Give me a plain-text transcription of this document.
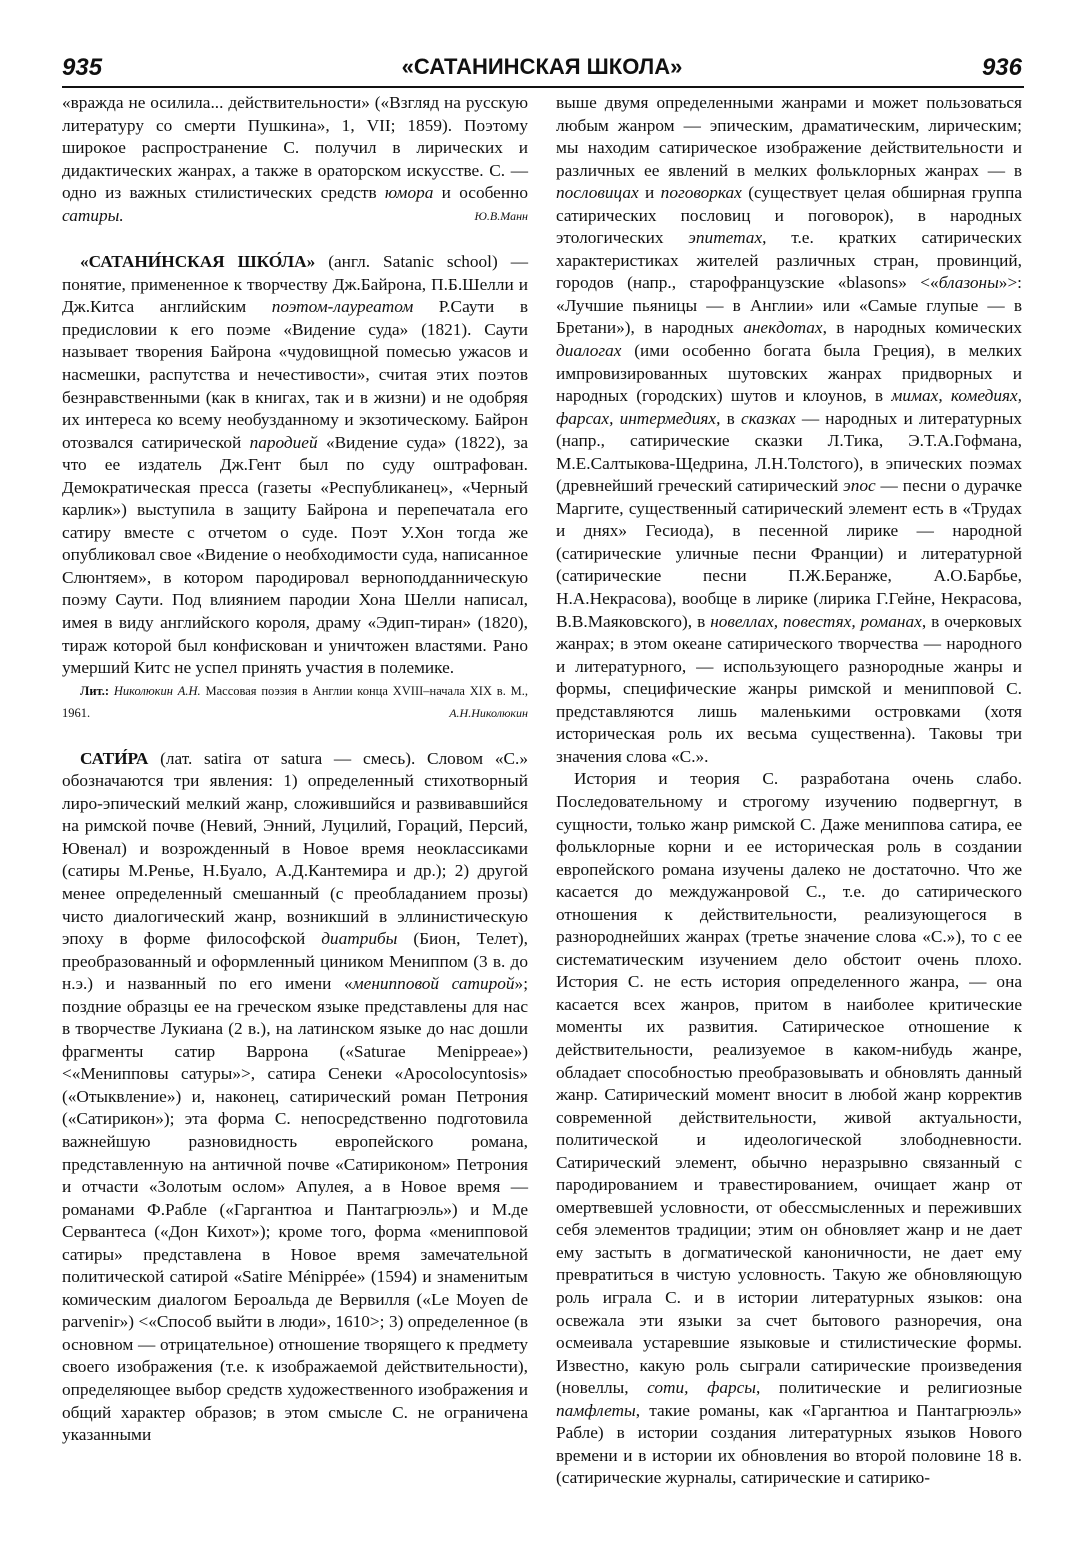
935	«САТАНИНСКАЯ ШКОЛА»	936

«вражда не осилила... действительности» («Взгляд на русскую литературу со смерти Пушкина», 1, VII; 1859). Поэтому широкое распространение С. получил в лирических и дидактических жанрах, а также в ораторском искусстве. С. — одно из важных стилистических средств юмора и особенно сатиры.	Ю.В.Манн

«САТАНИ́НСКАЯ ШКО́ЛА» (англ. Satanic school) — понятие, примененное к творчеству Дж.Байрона, П.Б.Шелли и Дж.Китса английским поэтом-лауреатом Р.Саути в предисловии к его поэме «Видение суда» (1821). Саути называет творения Байрона «чудовищной помесью ужасов и насмешки, распутства и нечестивости», считая этих поэтов безнравственными (как в книгах, так и в жизни) и не одобряя их интереса ко всему необузданному и экзотическому. Байрон отозвался сатирической пародией «Видение суда» (1822), за что ее издатель Дж.Гент был по суду оштрафован. Демократическая пресса (газеты «Республиканец», «Черный карлик») выступила в защиту Байрона и перепечатала его сатиру вместе с отчетом о суде. Поэт У.Хон тогда же опубликовал свое «Видение о необходимости суда, написанное Слюнтяем», в котором пародировал верноподданническую поэму Саути. Под влиянием пародии Хона Шелли написал, имея в виду английского короля, драму «Эдип-тиран» (1820), тираж которой был конфискован и уничтожен властями. Рано умерший Китс не успел принять участия в полемике.

Лит.: Николюкин А.Н. Массовая поэзия в Англии конца XVIII–начала XIX в. М., 1961.	А.Н.Николюкин

САТИ́РА (лат. satira от satura — смесь). Словом «С.» обозначаются три явления: 1) определенный стихотворный лиро-эпический мелкий жанр, сложившийся и развивавшийся на римской почве (Невий, Энний, Луцилий, Гораций, Персий, Ювенал) и возрожденный в Новое время неоклассиками (сатиры М.Ренье, Н.Буало, А.Д.Кантемира и др.); 2) другой менее определенный смешанный (с преобладанием прозы) чисто диалогический жанр, возникший в эллинистическую эпоху в форме философской диатрибы (Бион, Телет), преобразованный и оформленный циником Мениппом (3 в. до н.э.) и названный по его имени «менипповой сатирой»; поздние образцы ее на греческом языке представлены для нас в творчестве Лукиана (2 в.), на латинском языке до нас дошли фрагменты сатир Варрона («Saturae Menippeae») <«Менипповы сатуры»>, сатира Сенеки «Apocolocyntosis» («Отыквление») и, наконец, сатирический роман Петрония («Сатирикон»); эта форма С. непосредственно подготовила важнейшую разновидность европейского романа, представленную на античной почве «Сатириконом» Петрония и отчасти «Золотым ослом» Апулея, а в Новое время — романами Ф.Рабле («Гаргантюа и Пантагрюэль») и М.де Сервантеса («Дон Кихот»); кроме того, форма «менипповой сатиры» представлена в Новое время замечательной политической сатирой «Satire Ménippée» (1594) и знаменитым комическим диалогом Бероальда де Вервилля («Le Moyen de parvenir») <«Способ выйти в люди», 1610>; 3) определенное (в основном — отрицательное) отношение творящего к предмету своего изображения (т.е. к изображаемой действительности), определяющее выбор средств художественного изображения и общий характер образов; в этом смысле С. не ограничена указанными

выше двумя определенными жанрами и может пользоваться любым жанром — эпическим, драматическим, лирическим; мы находим сатирическое изображение действительности и различных ее явлений в мелких фольклорных жанрах — в пословицах и поговорках (существует целая обширная группа сатирических пословиц и поговорок), в народных этологических эпитетах, т.е. кратких сатирических характеристиках жителей различных стран, провинций, городов (напр., старофранцузские «blasons» <«блазоны»>: «Лучшие пьяницы — в Англии» или «Самые глупые — в Бретани»), в народных анекдотах, в народных комических диалогах (ими особенно богата была Греция), в мелких импровизированных шутовских жанрах придворных и народных (городских) шутов и клоунов, в мимах, комедиях, фарсах, интермедиях, в сказках — народных и литературных (напр., сатирические сказки Л.Тика, Э.Т.А.Гофмана, М.Е.Салтыкова-Щедрина, Л.Н.Толстого), в эпических поэмах (древнейший греческий сатирический эпос — песни о дурачке Маргите, существенный сатирический элемент есть в «Трудах и днях» Гесиода), в песенной лирике — народной (сатирические уличные песни Франции) и литературной (сатирические песни П.Ж.Беранже, А.О.Барбье, Н.А.Некрасова), вообще в лирике (лирика Г.Гейне, Некрасова, В.В.Маяковского), в новеллах, повестях, романах, в очерковых жанрах; в этом океане сатирического творчества — народного и литературного, — использующего разнородные жанры и формы, специфические жанры римской и менипповой С. представляются лишь маленькими островками (хотя историческая роль их весьма существенна). Таковы три значения слова «С.».

История и теория С. разработана очень слабо. Последовательному и строгому изучению подвергнут, в сущности, только жанр римской С. Даже мениппова сатира, ее фольклорные корни и ее историческая роль в создании европейского романа изучены далеко не достаточно. Что же касается до междужанровой С., т.е. до сатирического отношения к действительности, реализующегося в разнороднейших жанрах (третье значение слова «С.»), то с ее систематическим изучением дело обстоит очень плохо. История С. не есть история определенного жанра, — она касается всех жанров, притом в наиболее критические моменты их развития. Сатирическое отношение к действительности, реализуемое в каком-нибудь жанре, обладает способностью преобразовывать и обновлять данный жанр. Сатирический момент вносит в любой жанр корректив современной действительности, живой актуальности, политической и идеологической злободневности. Сатирический элемент, обычно неразрывно связанный с пародированием и травестированием, очищает жанр от омертвевшей условности, от обессмысленных и переживших себя элементов традиции; этим он обновляет жанр и не дает ему застыть в догматической каноничности, не дает ему превратиться в чистую условность. Такую же обновляющую роль играла С. и в истории литературных языков: она освежала эти языки за счет бытового разноречия, она осмеивала устаревшие языковые и стилистические формы. Известно, какую роль сыграли сатирические произведения (новеллы, соти, фарсы, политические и религиозные памфлеты, такие романы, как «Гаргантюа и Пантагрюэль» Рабле) в истории создания литературных языков Нового времени и в истории их обновления во второй половине 18 в. (сатирические журналы, сатирические и сатирико-
